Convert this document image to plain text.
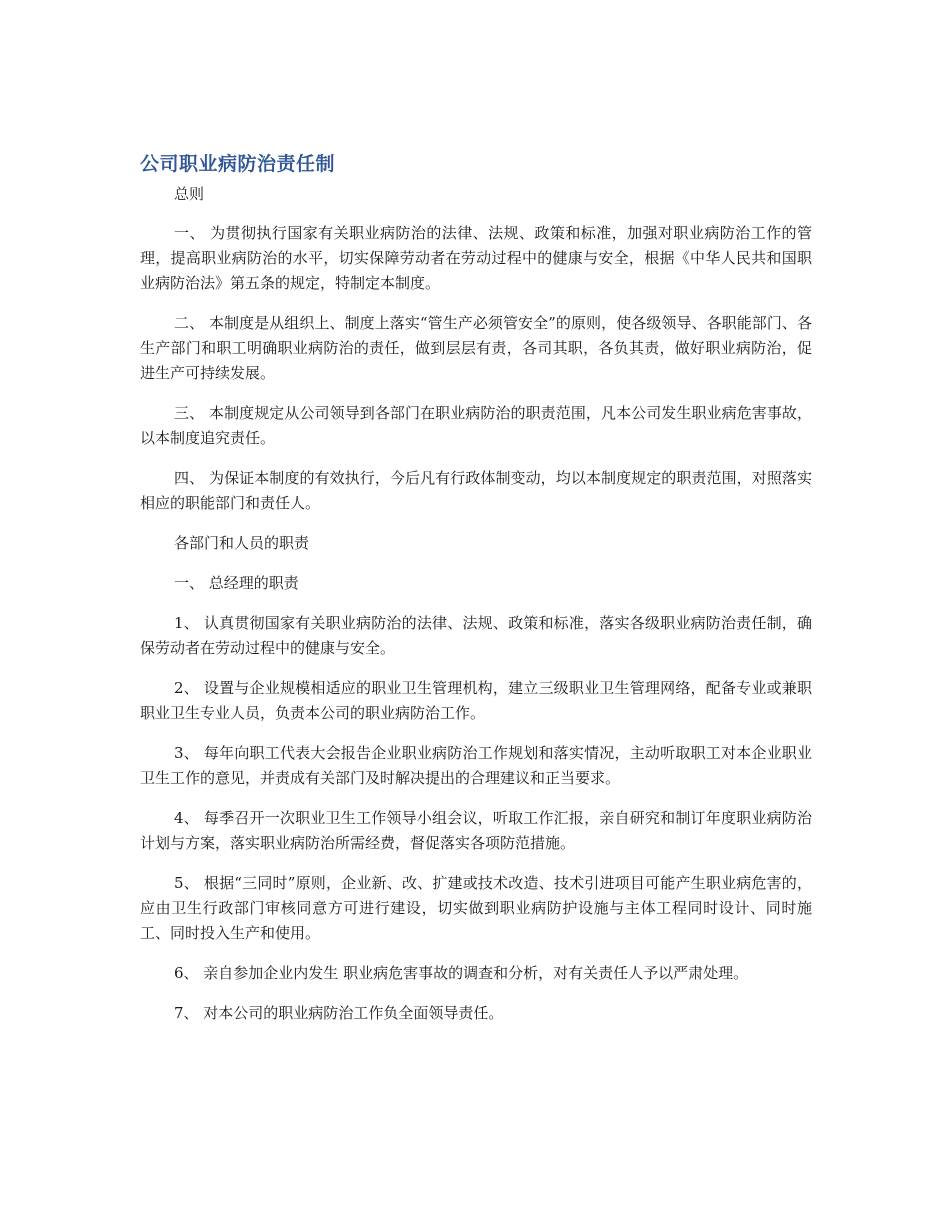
公司职业病防治责任制

总则

一、 为贯彻执行国家有关职业病防治的法律、法规、政策和标准，加强对职业病防治工作的管理，提高职业病防治的水平，切实保障劳动者在劳动过程中的健康与安全，根据《中华人民共和国职业病防治法》第五条的规定，特制定本制度。

二、 本制度是从组织上、制度上落实“管生产必须管安全”的原则，使各级领导、各职能部门、各生产部门和职工明确职业病防治的责任，做到层层有责，各司其职，各负其责，做好职业病防治，促进生产可持续发展。

三、 本制度规定从公司领导到各部门在职业病防治的职责范围，凡本公司发生职业病危害事故，以本制度追究责任。

四、 为保证本制度的有效执行，今后凡有行政体制变动，均以本制度规定的职责范围，对照落实相应的职能部门和责任人。

各部门和人员的职责

一、 总经理的职责

1、 认真贯彻国家有关职业病防治的法律、法规、政策和标准，落实各级职业病防治责任制，确保劳动者在劳动过程中的健康与安全。

2、 设置与企业规模相适应的职业卫生管理机构，建立三级职业卫生管理网络，配备专业或兼职职业卫生专业人员，负责本公司的职业病防治工作。

3、 每年向职工代表大会报告企业职业病防治工作规划和落实情况，主动听取职工对本企业职业卫生工作的意见，并责成有关部门及时解决提出的合理建议和正当要求。

4、 每季召开一次职业卫生工作领导小组会议，听取工作汇报，亲自研究和制订年度职业病防治计划与方案，落实职业病防治所需经费，督促落实各项防范措施。

5、 根据“三同时”原则，企业新、改、扩建或技术改造、技术引进项目可能产生职业病危害的，应由卫生行政部门审核同意方可进行建设，切实做到职业病防护设施与主体工程同时设计、同时施工、同时投入生产和使用。

6、 亲自参加企业内发生 职业病危害事故的调查和分析，对有关责任人予以严肃处理。

7、 对本公司的职业病防治工作负全面领导责任。
